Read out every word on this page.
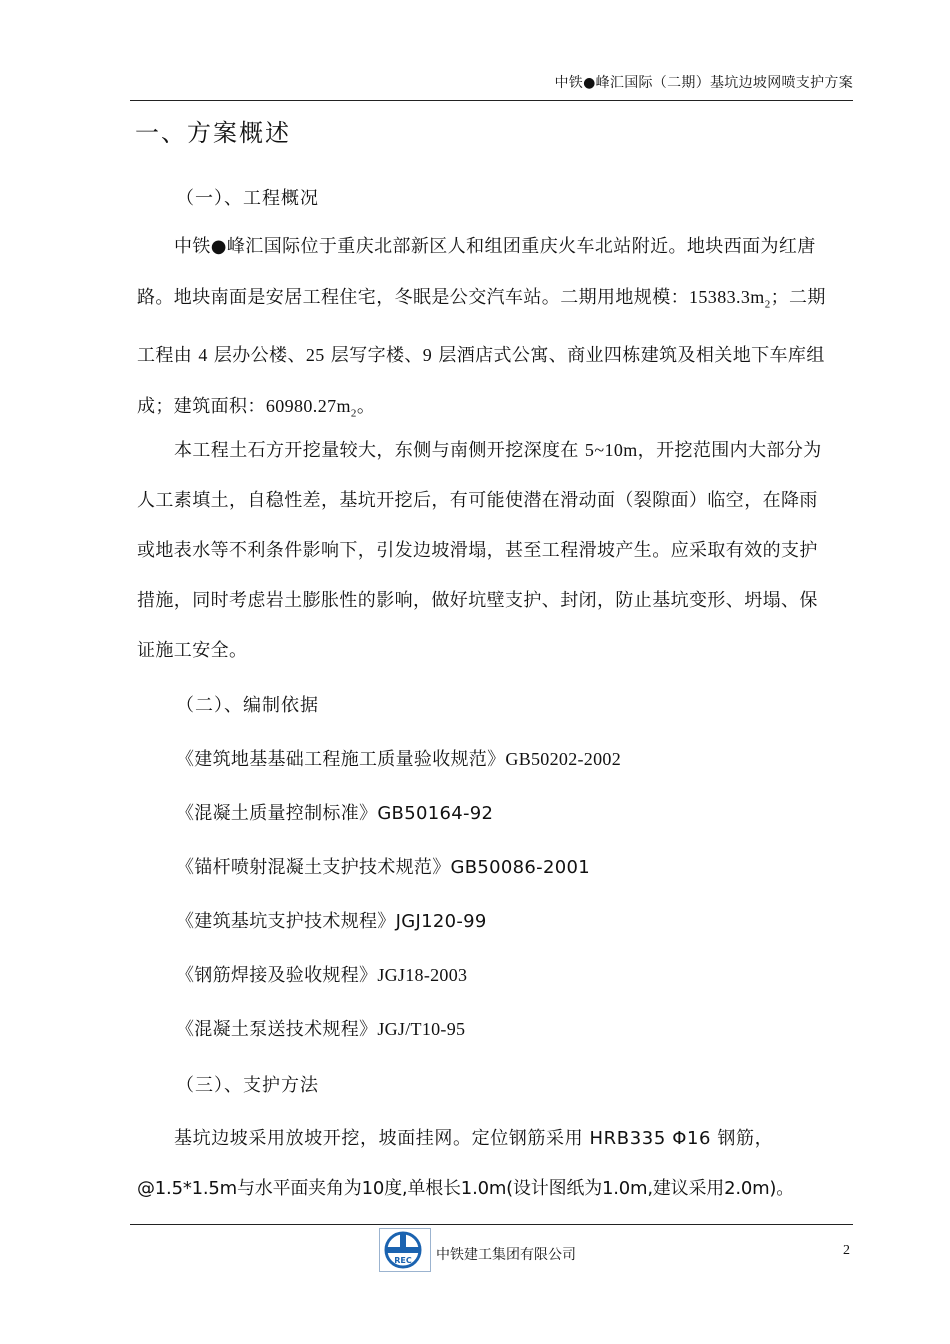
中铁●峰汇国际（二期）基坑边坡网喷支护方案
一、方案概述
（一）、工程概况
中铁●峰汇国际位于重庆北部新区人和组团重庆火车北站附近。地块西面为红唐
路。地块南面是安居工程住宅，冬眠是公交汽车站。二期用地规模：$15383.3m_2$；二期
工程由 4 层办公楼、25 层写字楼、9 层酒店式公寓、商业四栋建筑及相关地下车库组
成；建筑面积：$60980.27m_2$。
本工程土石方开挖量较大，东侧与南侧开挖深度在 5~10m，开挖范围内大部分为
人工素填土，自稳性差，基坑开挖后，有可能使潜在滑动面（裂隙面）临空，在降雨
或地表水等不利条件影响下，引发边坡滑塌，甚至工程滑坡产生。应采取有效的支护
措施，同时考虑岩土膨胀性的影响，做好坑壁支护、封闭，防止基坑变形、坍塌、保
证施工安全。
（二）、编制依据
《建筑地基基础工程施工质量验收规范》GB50202-2002
《混凝土质量控制标准》GB50164-92
《锚杆喷射混凝土支护技术规范》GB50086-2001
《建筑基坑支护技术规程》JGJ120-99
《钢筋焊接及验收规程》JGJ18-2003
《混凝土泵送技术规程》JGJ/T10-95
（三）、支护方法
基坑边坡采用放坡开挖，坡面挂网。定位钢筋采用 HRB335 Φ16 钢筋，
@1.5*1.5m与水平面夹角为10度,单根长1.0m(设计图纸为1.0m,建议采用2.0m)。
REC 中铁建工集团有限公司	2
